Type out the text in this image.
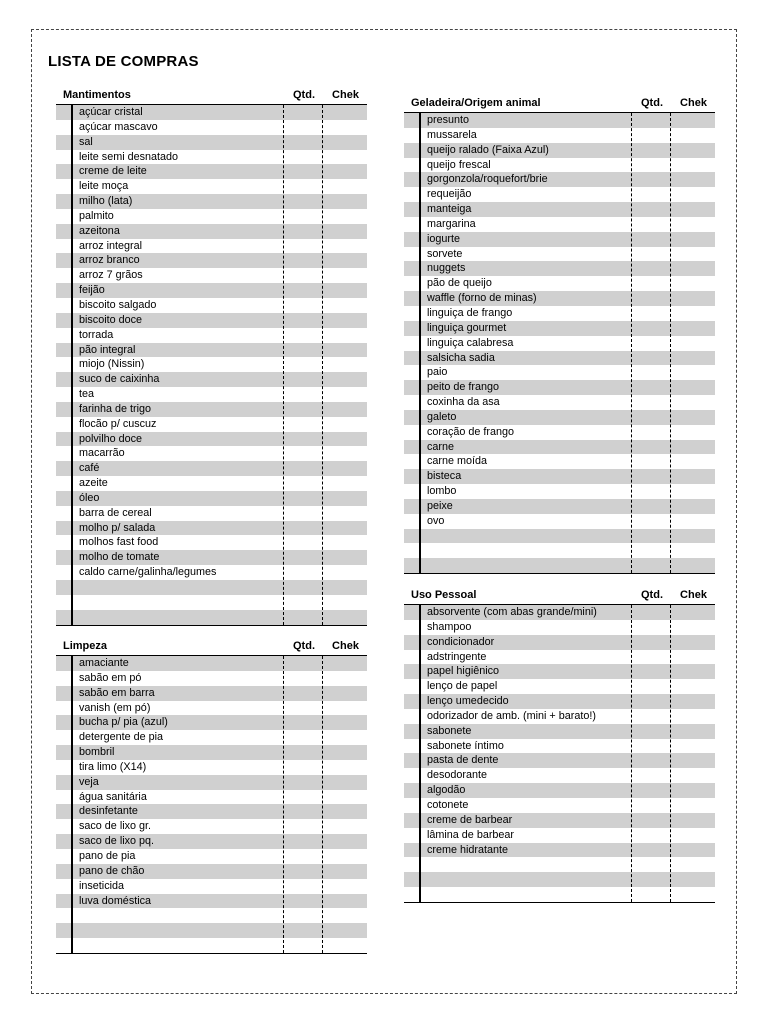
LISTA DE COMPRAS
Mantimentos	Qtd.	Chek
açúcar cristal
açúcar mascavo
sal
leite semi desnatado
creme de leite
leite moça
milho (lata)
palmito
azeitona
arroz integral
arroz branco
arroz 7 grãos
feijão
biscoito salgado
biscoito doce
torrada
pão integral
miojo (Nissin)
suco de caixinha
tea
farinha de trigo
flocão p/ cuscuz
polvilho doce
macarrão
café
azeite
óleo
barra de cereal
molho p/ salada
molhos fast food
molho de tomate
caldo carne/galinha/legumes
Limpeza	Qtd.	Chek
amaciante
sabão em pó
sabão em barra
vanish (em pó)
bucha p/ pia (azul)
detergente de pia
bombril
tira limo (X14)
veja
água sanitária
desinfetante
saco de lixo gr.
saco de lixo pq.
pano de pia
pano de chão
inseticida
luva doméstica
Geladeira/Origem animal	Qtd.	Chek
presunto
mussarela
queijo ralado (Faixa Azul)
queijo frescal
gorgonzola/roquefort/brie
requeijão
manteiga
margarina
iogurte
sorvete
nuggets
pão de queijo
waffle (forno de minas)
linguiça de frango
linguiça gourmet
linguiça calabresa
salsicha sadia
paio
peito de frango
coxinha da asa
galeto
coração de frango
carne
carne moída
bisteca
lombo
peixe
ovo
Uso Pessoal	Qtd.	Chek
absorvente (com abas grande/mini)
shampoo
condicionador
adstringente
papel higiênico
lenço de papel
lenço umedecido
odorizador de amb. (mini + barato!)
sabonete
sabonete íntimo
pasta de dente
desodorante
algodão
cotonete
creme de barbear
lâmina de barbear
creme hidratante
